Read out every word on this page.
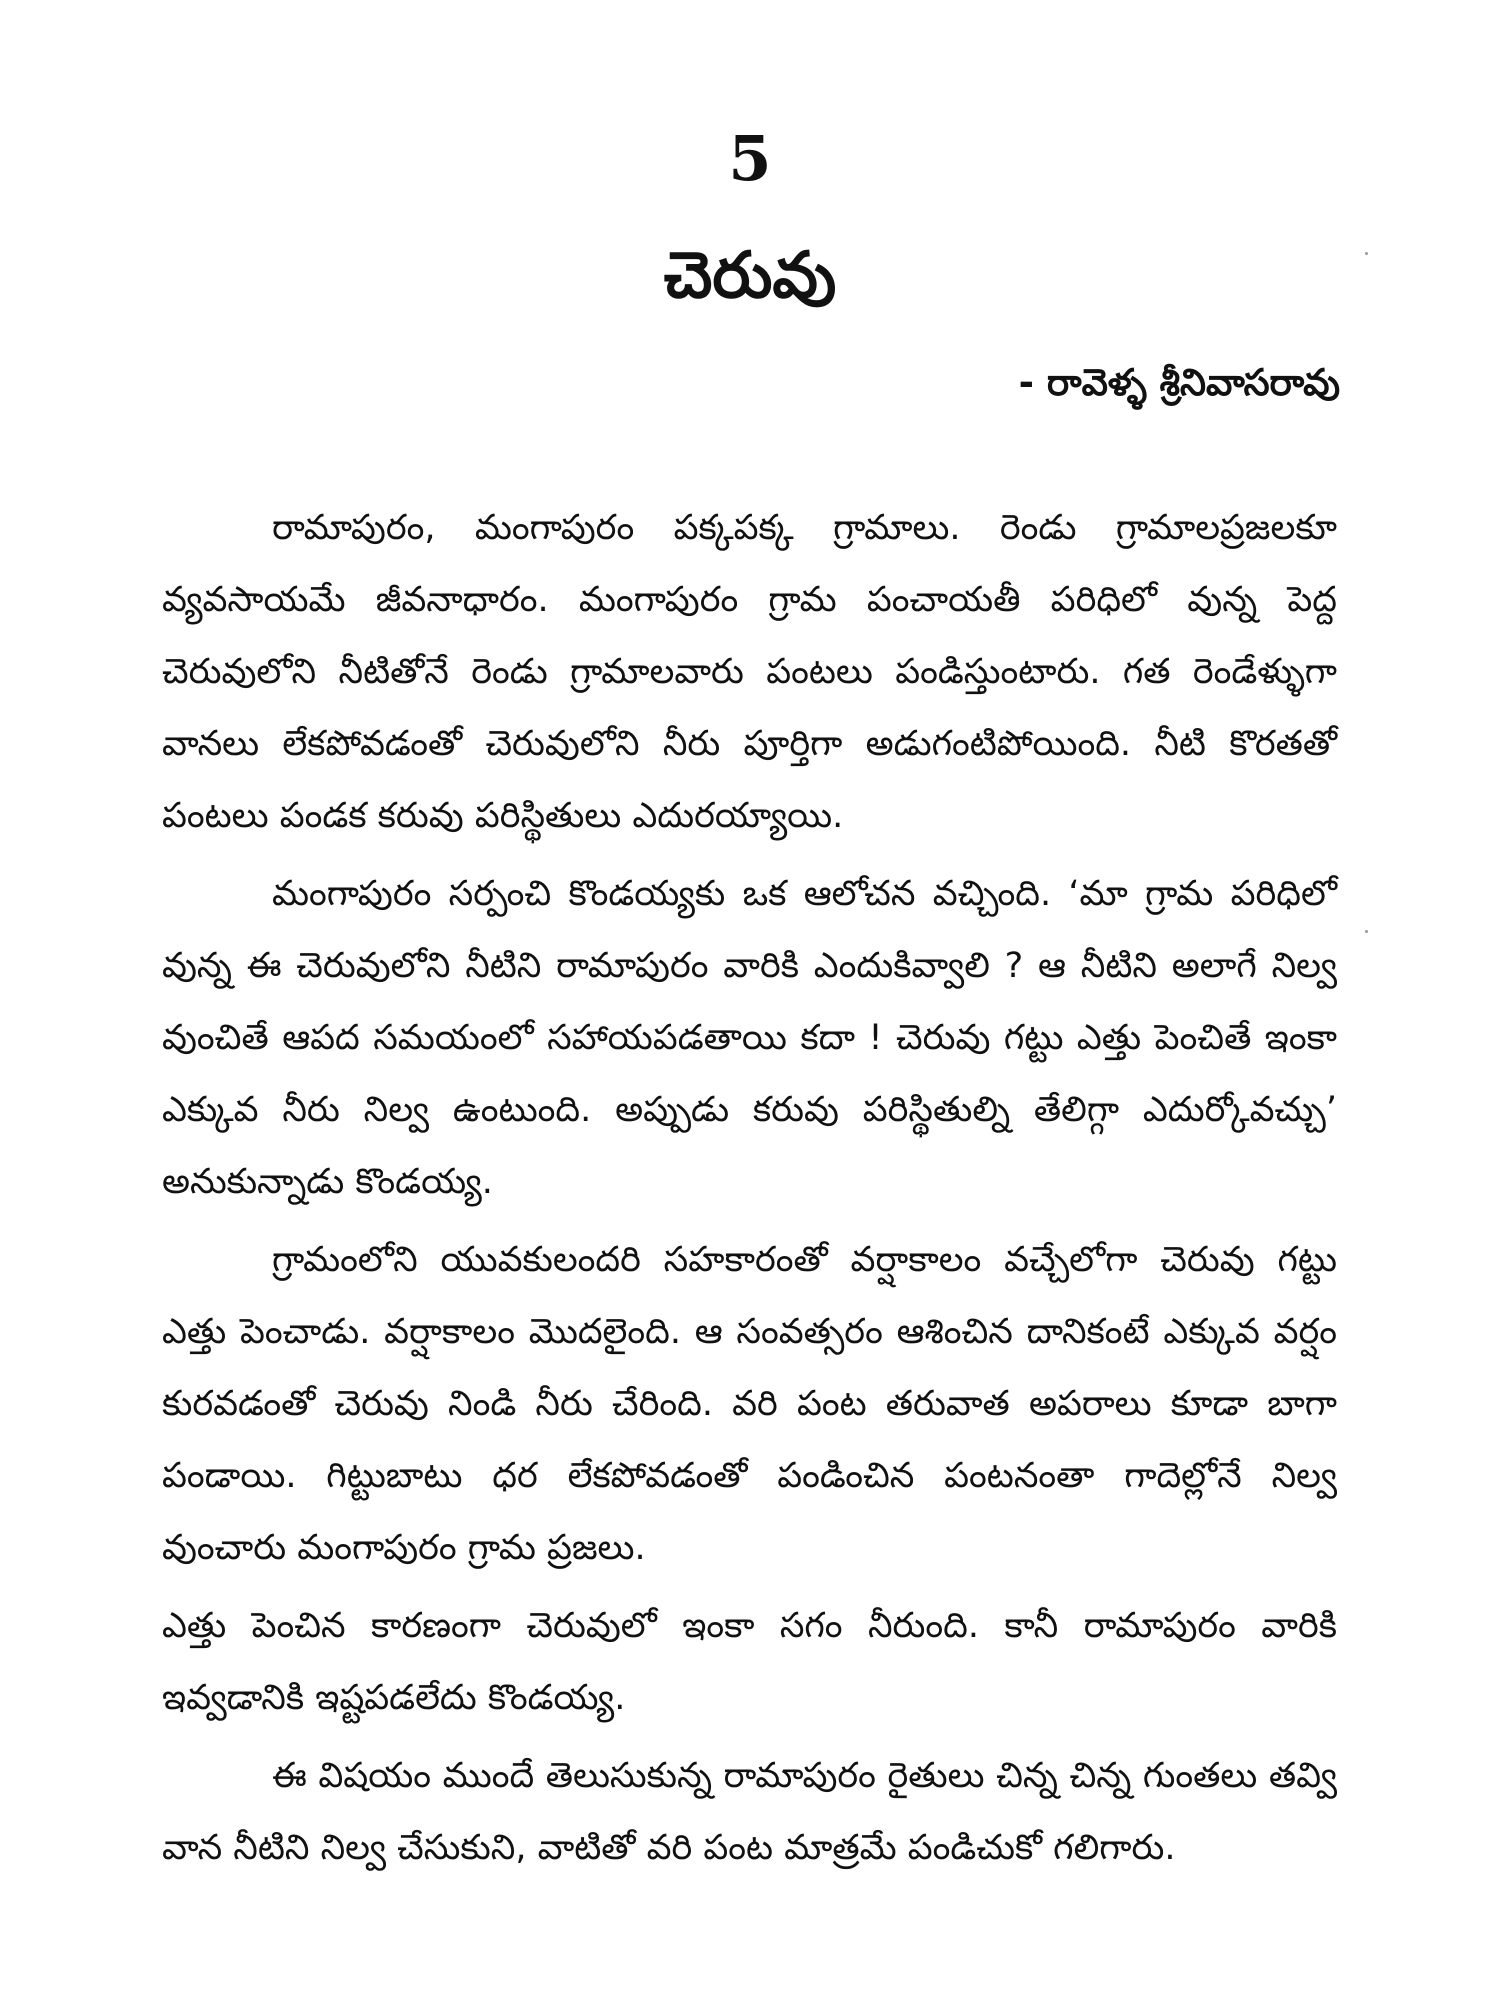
5
చెరువు
- రావెళ్ళ శ్రీనివాసరావు

రామాపురం, మంగాపురం పక్కపక్క గ్రామాలు. రెండు గ్రామాలప్రజలకూ వ్యవసాయమే జీవనాధారం. మంగాపురం గ్రామ పంచాయతీ పరిధిలో వున్న పెద్ద చెరువులోని నీటితోనే రెండు గ్రామాలవారు పంటలు పండిస్తుంటారు. గత రెండేళ్ళుగా వానలు లేకపోవడంతో చెరువులోని నీరు పూర్తిగా అడుగంటిపోయింది. నీటి కొరతతో పంటలు పండక కరువు పరిస్థితులు ఎదురయ్యాయి.

మంగాపురం సర్పంచి కొండయ్యకు ఒక ఆలోచన వచ్చింది. ‘మా గ్రామ పరిధిలో వున్న ఈ చెరువులోని నీటిని రామాపురం వారికి ఎందుకివ్వాలి ? ఆ నీటిని అలాగే నిల్వ వుంచితే ఆపద సమయంలో సహాయపడతాయి కదా ! చెరువు గట్టు ఎత్తు పెంచితే ఇంకా ఎక్కువ నీరు నిల్వ ఉంటుంది. అప్పుడు కరువు పరిస్థితుల్ని తేలిగ్గా ఎదుర్కోవచ్చు’ అనుకున్నాడు కొండయ్య.

గ్రామంలోని యువకులందరి సహకారంతో వర్షాకాలం వచ్చేలోగా చెరువు గట్టు ఎత్తు పెంచాడు. వర్షాకాలం మొదలైంది. ఆ సంవత్సరం ఆశించిన దానికంటే ఎక్కువ వర్షం కురవడంతో చెరువు నిండి నీరు చేరింది. వరి పంట తరువాత అపరాలు కూడా బాగా పండాయి. గిట్టుబాటు ధర లేకపోవడంతో పండించిన పంటనంతా గాదెల్లోనే నిల్వ వుంచారు మంగాపురం గ్రామ ప్రజలు.

ఎత్తు పెంచిన కారణంగా చెరువులో ఇంకా సగం నీరుంది. కానీ రామాపురం వారికి ఇవ్వడానికి ఇష్టపడలేదు కొండయ్య.

ఈ విషయం ముందే తెలుసుకున్న రామాపురం రైతులు చిన్న చిన్న గుంతలు తవ్వి వాన నీటిని నిల్వ చేసుకుని, వాటితో వరి పంట మాత్రమే పండిచుకో గలిగారు.
